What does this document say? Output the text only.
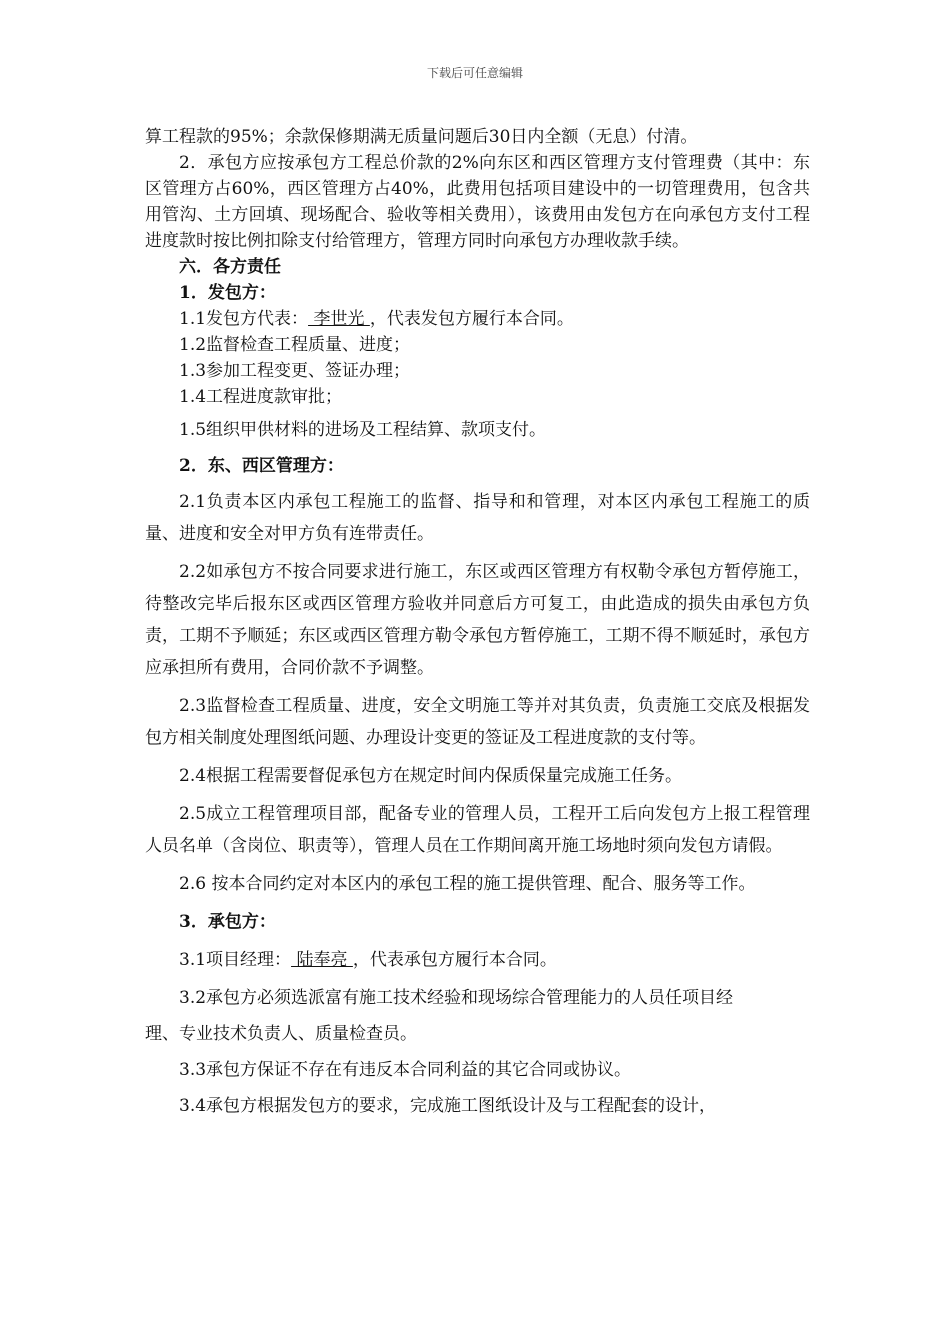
下载后可任意编辑

算工程款的95%；余款保修期满无质量问题后30日内全额（无息）付清。

2．承包方应按承包方工程总价款的2%向东区和西区管理方支付管理费（其中：东区管理方占60%，西区管理方占40%，此费用包括项目建设中的一切管理费用，包含共用管沟、土方回填、现场配合、验收等相关费用），该费用由发包方在向承包方支付工程进度款时按比例扣除支付给管理方，管理方同时向承包方办理收款手续。

六．各方责任

1．发包方：

1.1发包方代表： 李世光 ，代表发包方履行本合同。

1.2监督检查工程质量、进度；

1.3参加工程变更、签证办理；

1.4工程进度款审批；

1.5组织甲供材料的进场及工程结算、款项支付。

2．东、西区管理方：

2.1负责本区内承包工程施工的监督、指导和和管理，对本区内承包工程施工的质量、进度和安全对甲方负有连带责任。

2.2如承包方不按合同要求进行施工，东区或西区管理方有权勒令承包方暂停施工，待整改完毕后报东区或西区管理方验收并同意后方可复工，由此造成的损失由承包方负责，工期不予顺延；东区或西区管理方勒令承包方暂停施工，工期不得不顺延时，承包方应承担所有费用，合同价款不予调整。

2.3监督检查工程质量、进度，安全文明施工等并对其负责，负责施工交底及根据发包方相关制度处理图纸问题、办理设计变更的签证及工程进度款的支付等。

2.4根据工程需要督促承包方在规定时间内保质保量完成施工任务。

2.5成立工程管理项目部，配备专业的管理人员，工程开工后向发包方上报工程管理人员名单（含岗位、职责等），管理人员在工作期间离开施工场地时须向发包方请假。

2.6 按本合同约定对本区内的承包工程的施工提供管理、配合、服务等工作。

3．承包方：

3.1项目经理： 陆奉亮 ，代表承包方履行本合同。

3.2承包方必须选派富有施工技术经验和现场综合管理能力的人员任项目经

理、专业技术负责人、质量检查员。

3.3承包方保证不存在有违反本合同利益的其它合同或协议。

3.4承包方根据发包方的要求，完成施工图纸设计及与工程配套的设计，
